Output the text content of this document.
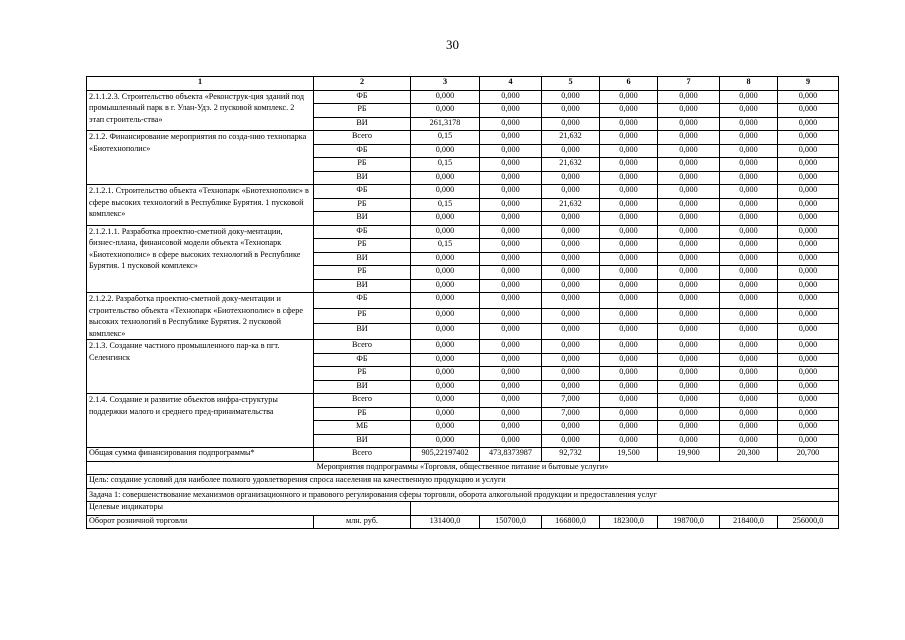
30
1	2	3	4	5	6	7	8	9
2.1.1.2.3. Строительство объекта «Реконструк-ция зданий под промышленный парк в г. Улан-Удэ. 2 пусковой комплекс. 2 этап строитель-ства»	ФБ	0,000	0,000	0,000	0,000	0,000	0,000	0,000
	РБ	0,000	0,000	0,000	0,000	0,000	0,000	0,000
	ВИ	261,3178	0,000	0,000	0,000	0,000	0,000	0,000
2.1.2. Финансирование мероприятия по созда-нию технопарка «Биотехнополис»	Всего	0,15	0,000	21,632	0,000	0,000	0,000	0,000
	ФБ	0,000	0,000	0,000	0,000	0,000	0,000	0,000
	РБ	0,15	0,000	21,632	0,000	0,000	0,000	0,000
	ВИ	0,000	0,000	0,000	0,000	0,000	0,000	0,000
2.1.2.1. Строительство объекта «Технопарк «Биотехнополис» в сфере высоких технологий в Республике Бурятия. 1 пусковой комплекс»	ФБ	0,000	0,000	0,000	0,000	0,000	0,000	0,000
	РБ	0,15	0,000	21,632	0,000	0,000	0,000	0,000
	ВИ	0,000	0,000	0,000	0,000	0,000	0,000	0,000
2.1.2.1.1. Разработка проектно-сметной доку-ментации, бизнес-плана, финансовой модели объекта «Технопарк «Биотехнополис» в сфере высоких технологий в Республике Бурятия. 1 пусковой комплекс»	ФБ	0,000	0,000	0,000	0,000	0,000	0,000	0,000
	РБ	0,15	0,000	0,000	0,000	0,000	0,000	0,000
	ВИ	0,000	0,000	0,000	0,000	0,000	0,000	0,000
	РБ	0,000	0,000	0,000	0,000	0,000	0,000	0,000
	ВИ	0,000	0,000	0,000	0,000	0,000	0,000	0,000
2.1.2.2. Разработка проектно-сметной доку-ментации и строительство объекта «Технопарк «Биотехнополис» в сфере высоких технологий в Республике Бурятия. 2 пусковой комплекс»	ФБ	0,000	0,000	0,000	0,000	0,000	0,000	0,000
	РБ	0,000	0,000	0,000	0,000	0,000	0,000	0,000
	ВИ	0,000	0,000	0,000	0,000	0,000	0,000	0,000
2.1.3. Создание частного промышленного пар-ка в пгт. Селенгинск	Всего	0,000	0,000	0,000	0,000	0,000	0,000	0,000
	ФБ	0,000	0,000	0,000	0,000	0,000	0,000	0,000
	РБ	0,000	0,000	0,000	0,000	0,000	0,000	0,000
	ВИ	0,000	0,000	0,000	0,000	0,000	0,000	0,000
2.1.4. Создание и развитие объектов инфра-структуры поддержки малого и среднего пред-принимательства	Всего	0,000	0,000	7,000	0,000	0,000	0,000	0,000
	РБ	0,000	0,000	7,000	0,000	0,000	0,000	0,000
	МБ	0,000	0,000	0,000	0,000	0,000	0,000	0,000
	ВИ	0,000	0,000	0,000	0,000	0,000	0,000	0,000
Общая сумма финансирования подпрограммы*	Всего	905,22197402	473,8373987	92,732	19,500	19,900	20,300	20,700
Мероприятия подпрограммы «Торговля, общественное питание и бытовые услуги»								
Цель: создание условий для наиболее полного удовлетворения спроса населения на качественную продукцию и услуги								
Задача 1: совершенствование механизмов организационного и правового регулирования сферы торговли, оборота алкогольной продукции и предоставления услуг								
Целевые индикаторы								
Оборот розничной торговли	млн. руб.	131400,0	150700,0	166800,0	182300,0	198700,0	218400,0	256000,0
